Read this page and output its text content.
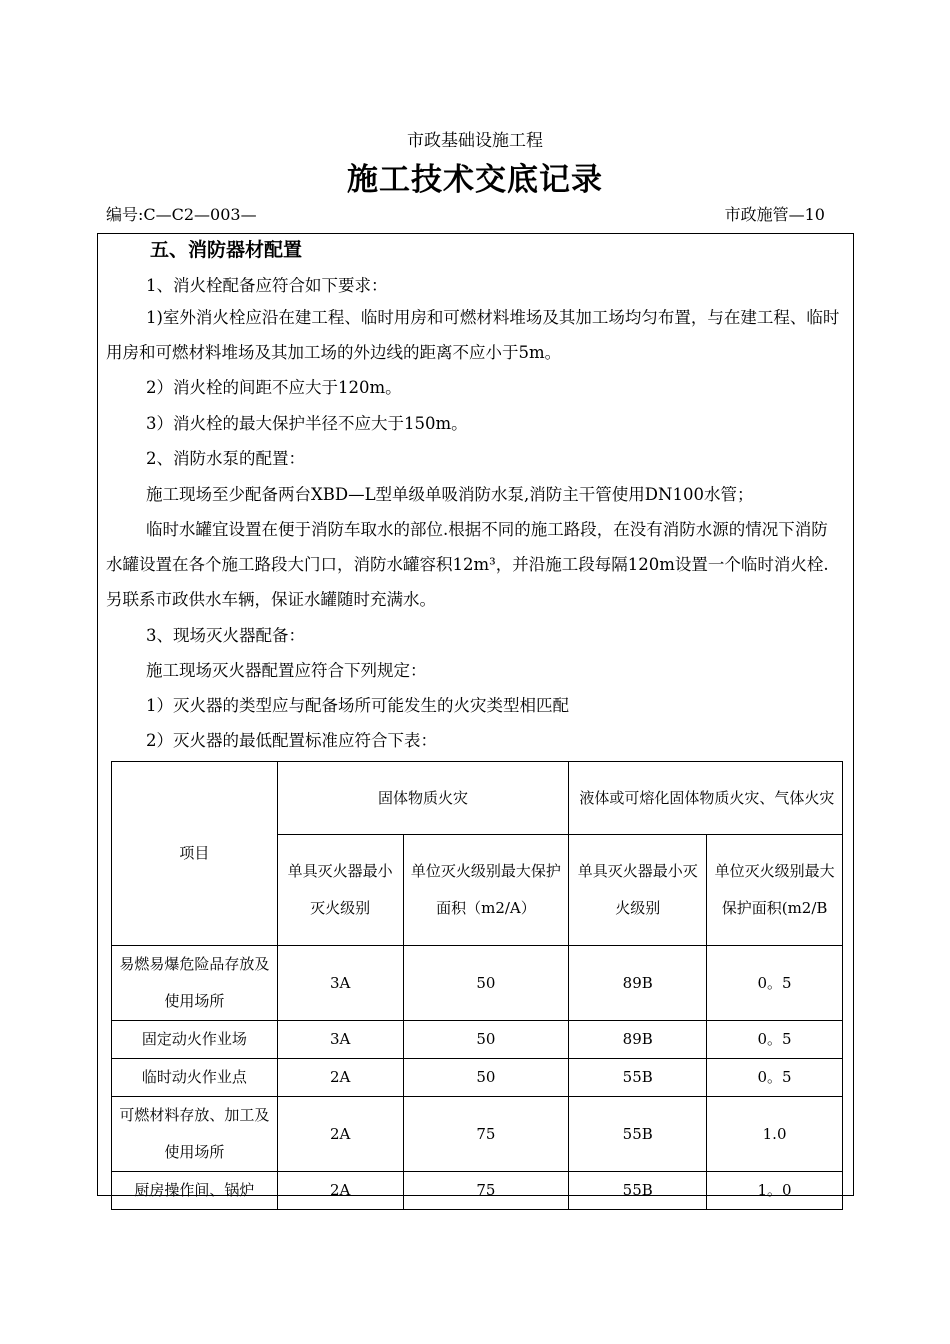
市政基础设施工程
施工技术交底记录
编号:C—C2—003—	市政施管—10
五、消防器材配置
1、消火栓配备应符合如下要求：
1)室外消火栓应沿在建工程、临时用房和可燃材料堆场及其加工场均匀布置，与在建工程、临时用房和可燃材料堆场及其加工场的外边线的距离不应小于5m。
2）消火栓的间距不应大于120m。
3）消火栓的最大保护半径不应大于150m。
2、消防水泵的配置：
施工现场至少配备两台XBD—L型单级单吸消防水泵,消防主干管使用DN100水管；
临时水罐宜设置在便于消防车取水的部位.根据不同的施工路段，在没有消防水源的情况下消防水罐设置在各个施工路段大门口，消防水罐容积12m³，并沿施工段每隔120m设置一个临时消火栓.另联系市政供水车辆，保证水罐随时充满水。
3、现场灭火器配备：
施工现场灭火器配置应符合下列规定：
1）灭火器的类型应与配备场所可能发生的火灾类型相匹配
2）灭火器的最低配置标准应符合下表：
项目	固体物质火灾		液体或可熔化固体物质火灾、气体火灾	
	单具灭火器最小灭火级别	单位灭火级别最大保护面积（m2/A）	单具灭火器最小灭火级别	单位灭火级别最大保护面积(m2/B
易燃易爆危险品存放及使用场所	3A	50	89B	0。5
固定动火作业场	3A	50	89B	0。5
临时动火作业点	2A	50	55B	0。5
可燃材料存放、加工及使用场所	2A	75	55B	1.0
厨房操作间、锅炉	2A	75	55B	1。0
